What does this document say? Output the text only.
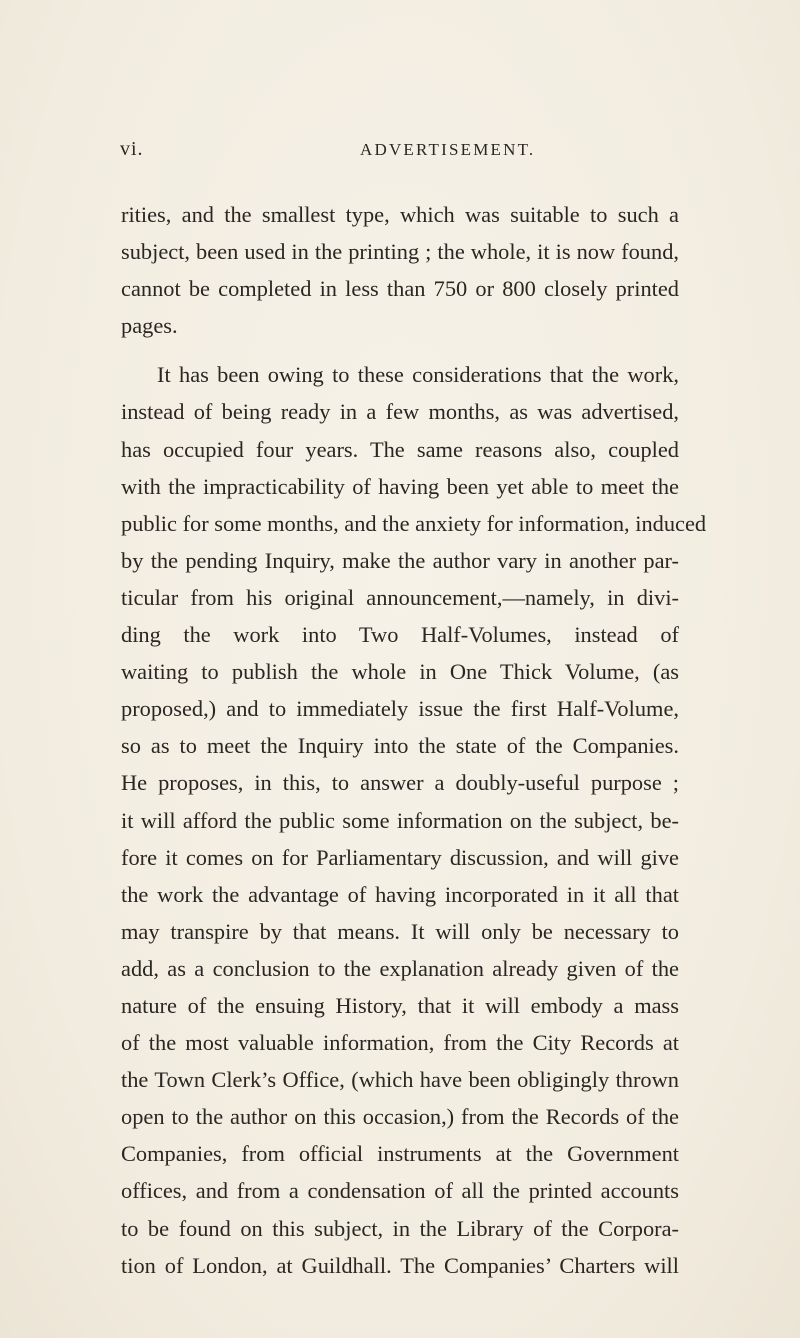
vi.	ADVERTISEMENT.
rities, and the smallest type, which was suitable to such a
subject, been used in the printing ; the whole, it is now found,
cannot be completed in less than 750 or 800 closely printed
pages.
It has been owing to these considerations that the work,
instead of being ready in a few months, as was advertised,
has occupied four years. The same reasons also, coupled
with the impracticability of having been yet able to meet the
public for some months, and the anxiety for information, induced
by the pending Inquiry, make the author vary in another par-
ticular from his original announcement,—namely, in divi-
ding the work into Two Half-Volumes, instead of
waiting to publish the whole in One Thick Volume, (as
proposed,) and to immediately issue the first Half-Volume,
so as to meet the Inquiry into the state of the Companies.
He proposes, in this, to answer a doubly-useful purpose ;
it will afford the public some information on the subject, be-
fore it comes on for Parliamentary discussion, and will give
the work the advantage of having incorporated in it all that
may transpire by that means. It will only be necessary to
add, as a conclusion to the explanation already given of the
nature of the ensuing History, that it will embody a mass
of the most valuable information, from the City Records at
the Town Clerk’s Office, (which have been obligingly thrown
open to the author on this occasion,) from the Records of the
Companies, from official instruments at the Government
offices, and from a condensation of all the printed accounts
to be found on this subject, in the Library of the Corpora-
tion of London, at Guildhall. The Companies’ Charters will
